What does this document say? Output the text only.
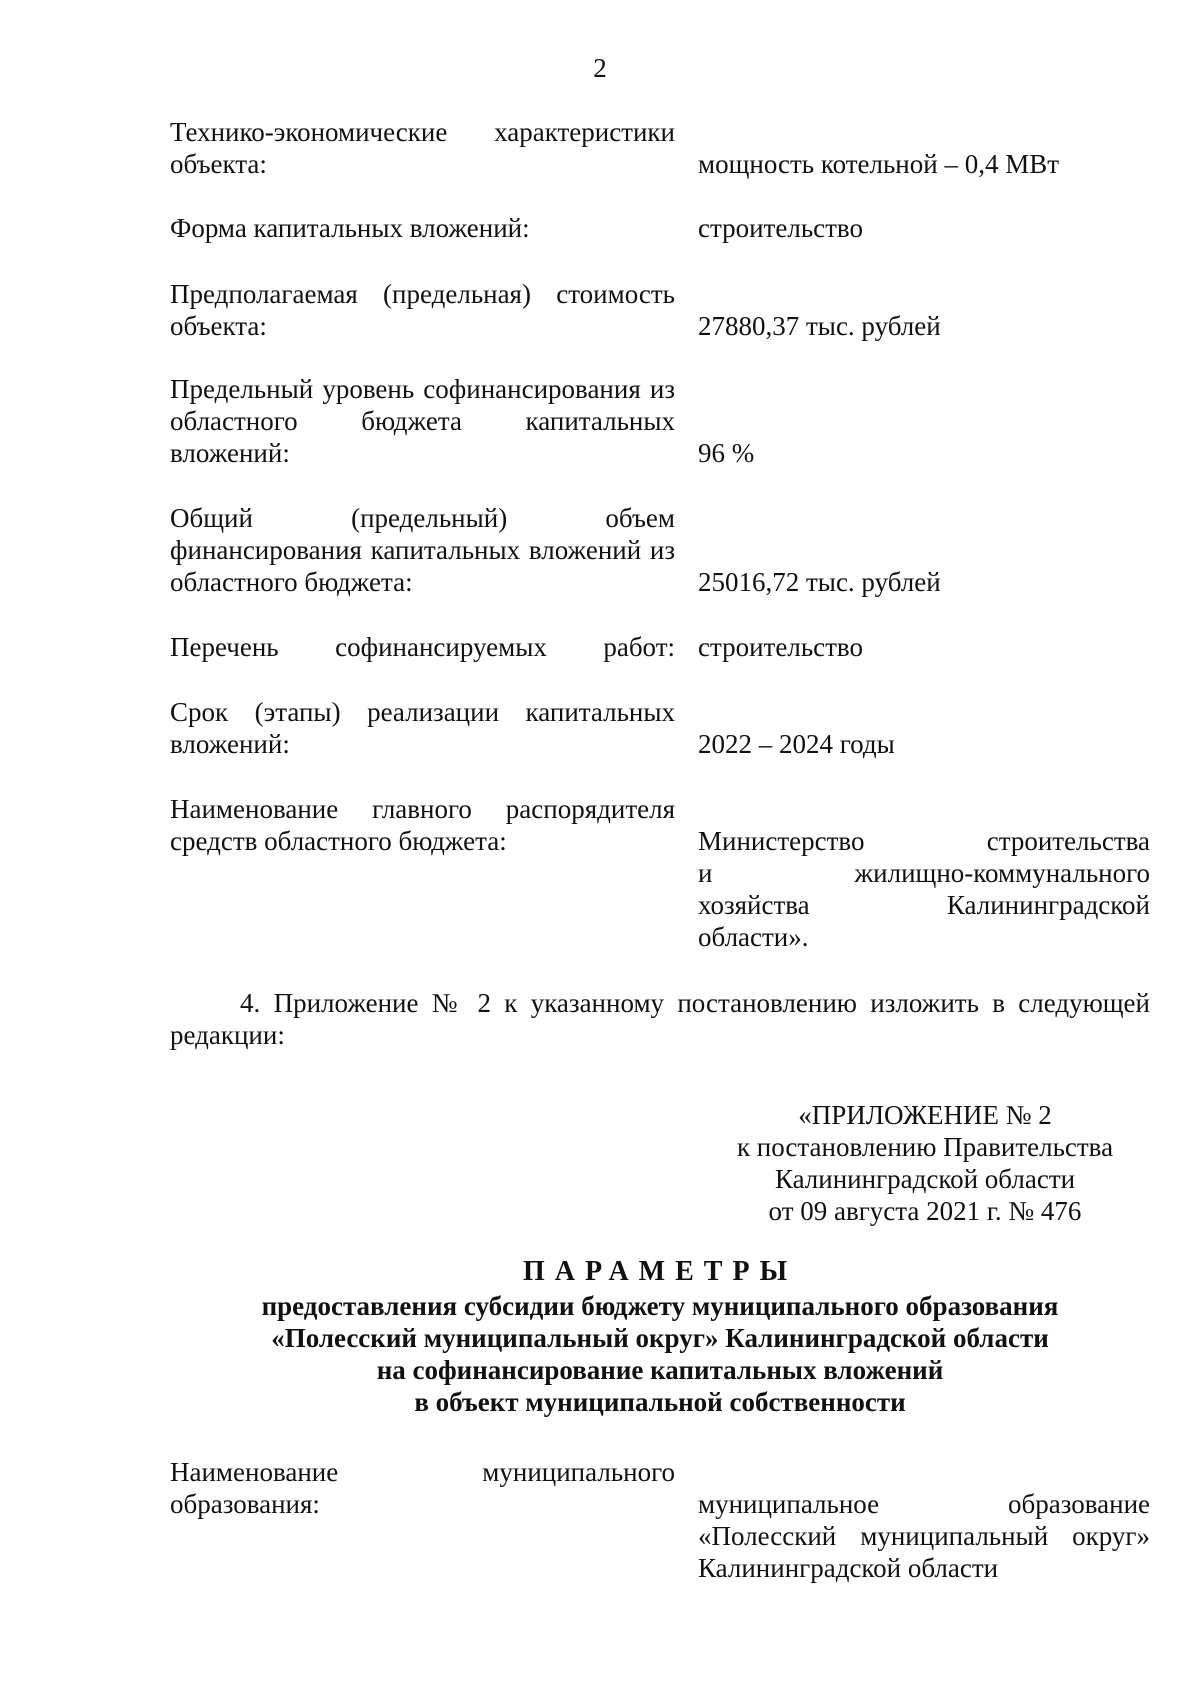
2
Технико-экономические характеристики объекта:	мощность котельной – 0,4 МВт
Форма капитальных вложений:	строительство
Предполагаемая (предельная) стоимость объекта:	27880,37 тыс. рублей
Предельный уровень софинансирования из областного бюджета капитальных вложений:	96 %
Общий (предельный) объем финансирования капитальных вложений из областного бюджета:	25016,72 тыс. рублей
Перечень софинансируемых работ: строительство
Срок (этапы) реализации капитальных вложений:	2022 – 2024 годы
Наименование главного распорядителя средств областного бюджета:	Министерство строительства
и жилищно-коммунального
хозяйства Калининградской
области».
4. Приложение № 2 к указанному постановлению изложить в следующей редакции:
«ПРИЛОЖЕНИЕ № 2
к постановлению Правительства
Калининградской области
от 09 августа 2021 г. № 476
ПАРАМЕТРЫ
предоставления субсидии бюджету муниципального образования
«Полесский муниципальный округ» Калининградской области
на софинансирование капитальных вложений
в объект муниципальной собственности
Наименование муниципального образования:	муниципальное образование
«Полесский муниципальный округ»
Калининградской области
